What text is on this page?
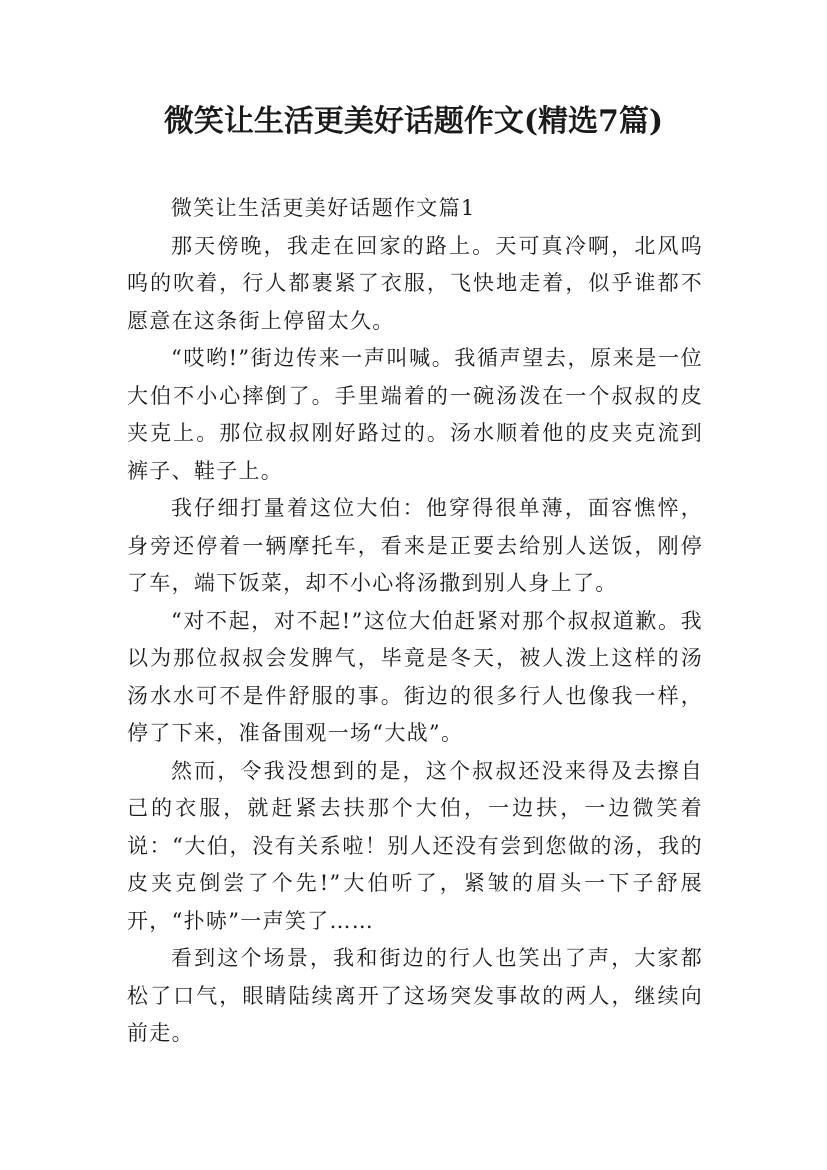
微笑让生活更美好话题作文(精选7篇)

微笑让生活更美好话题作文篇1

那天傍晚，我走在回家的路上。天可真冷啊，北风呜呜的吹着，行人都裹紧了衣服，飞快地走着，似乎谁都不愿意在这条街上停留太久。

“哎哟!”街边传来一声叫喊。我循声望去，原来是一位大伯不小心摔倒了。手里端着的一碗汤泼在一个叔叔的皮夹克上。那位叔叔刚好路过的。汤水顺着他的皮夹克流到裤子、鞋子上。

我仔细打量着这位大伯：他穿得很单薄，面容憔悴，身旁还停着一辆摩托车，看来是正要去给别人送饭，刚停了车，端下饭菜，却不小心将汤撒到别人身上了。

“对不起，对不起!”这位大伯赶紧对那个叔叔道歉。我以为那位叔叔会发脾气，毕竟是冬天，被人泼上这样的汤汤水水可不是件舒服的事。街边的很多行人也像我一样，停了下来，准备围观一场“大战”。

然而，令我没想到的是，这个叔叔还没来得及去擦自己的衣服，就赶紧去扶那个大伯，一边扶，一边微笑着说：“大伯，没有关系啦！别人还没有尝到您做的汤，我的皮夹克倒尝了个先!”大伯听了，紧皱的眉头一下子舒展开，“扑哧”一声笑了……

看到这个场景，我和街边的行人也笑出了声，大家都松了口气，眼睛陆续离开了这场突发事故的两人，继续向前走。
